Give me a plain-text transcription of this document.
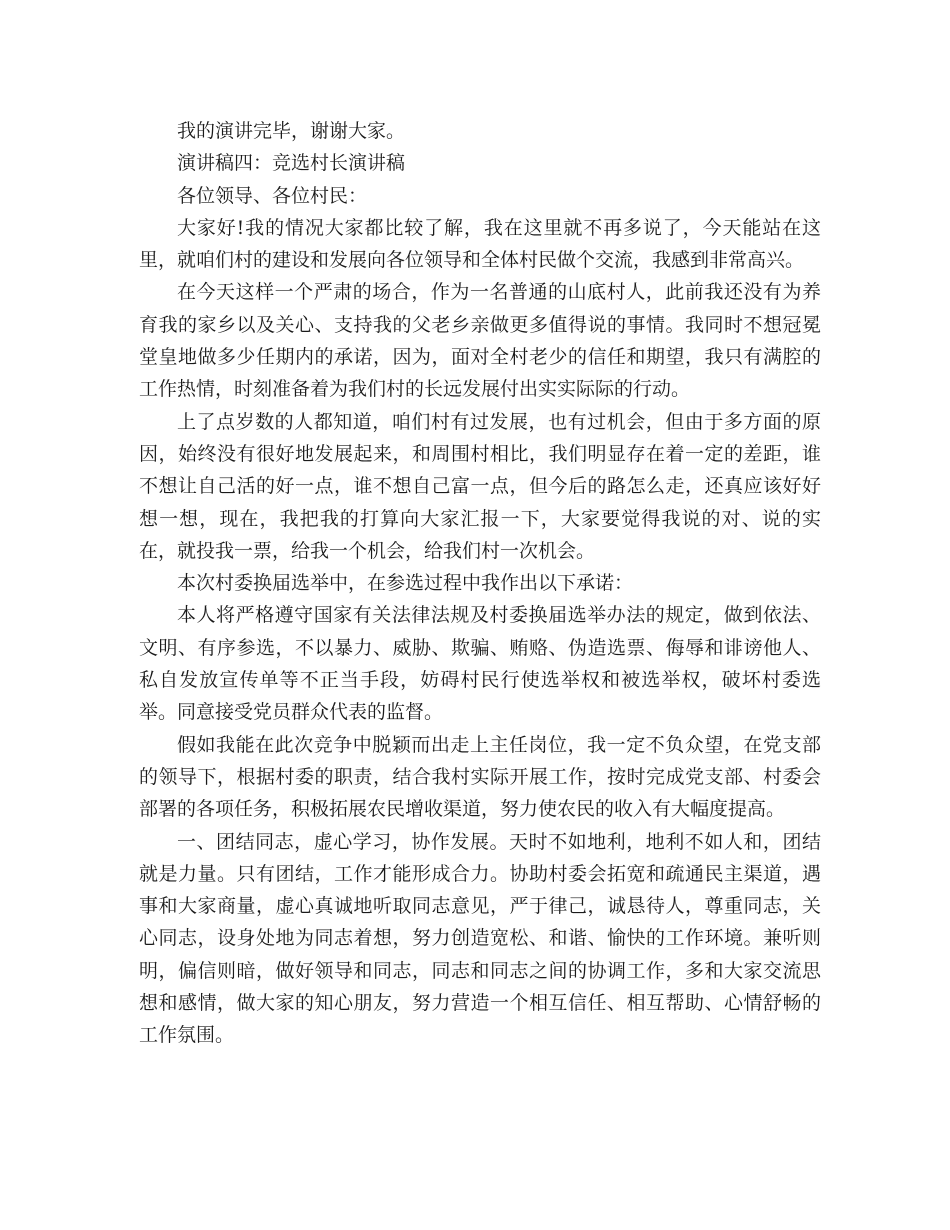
我的演讲完毕，谢谢大家。

演讲稿四：竞选村长演讲稿

各位领导、各位村民：

大家好!我的情况大家都比较了解，我在这里就不再多说了，今天能站在这里，就咱们村的建设和发展向各位领导和全体村民做个交流，我感到非常高兴。

在今天这样一个严肃的场合，作为一名普通的山底村人，此前我还没有为养育我的家乡以及关心、支持我的父老乡亲做更多值得说的事情。我同时不想冠冕堂皇地做多少任期内的承诺，因为，面对全村老少的信任和期望，我只有满腔的工作热情，时刻准备着为我们村的长远发展付出实实际际的行动。

上了点岁数的人都知道，咱们村有过发展，也有过机会，但由于多方面的原因，始终没有很好地发展起来，和周围村相比，我们明显存在着一定的差距，谁不想让自己活的好一点，谁不想自己富一点，但今后的路怎么走，还真应该好好想一想，现在，我把我的打算向大家汇报一下，大家要觉得我说的对、说的实在，就投我一票，给我一个机会，给我们村一次机会。

本次村委换届选举中，在参选过程中我作出以下承诺：

本人将严格遵守国家有关法律法规及村委换届选举办法的规定，做到依法、文明、有序参选，不以暴力、威胁、欺骗、贿赂、伪造选票、侮辱和诽谤他人、私自发放宣传单等不正当手段，妨碍村民行使选举权和被选举权，破坏村委选举。同意接受党员群众代表的监督。

假如我能在此次竞争中脱颖而出走上主任岗位，我一定不负众望，在党支部的领导下，根据村委的职责，结合我村实际开展工作，按时完成党支部、村委会部署的各项任务，积极拓展农民增收渠道，努力使农民的收入有大幅度提高。

一、团结同志，虚心学习，协作发展。天时不如地利，地利不如人和，团结就是力量。只有团结，工作才能形成合力。协助村委会拓宽和疏通民主渠道，遇事和大家商量，虚心真诚地听取同志意见，严于律己，诚恳待人，尊重同志，关心同志，设身处地为同志着想，努力创造宽松、和谐、愉快的工作环境。兼听则明，偏信则暗，做好领导和同志，同志和同志之间的协调工作，多和大家交流思想和感情，做大家的知心朋友，努力营造一个相互信任、相互帮助、心情舒畅的工作氛围。
